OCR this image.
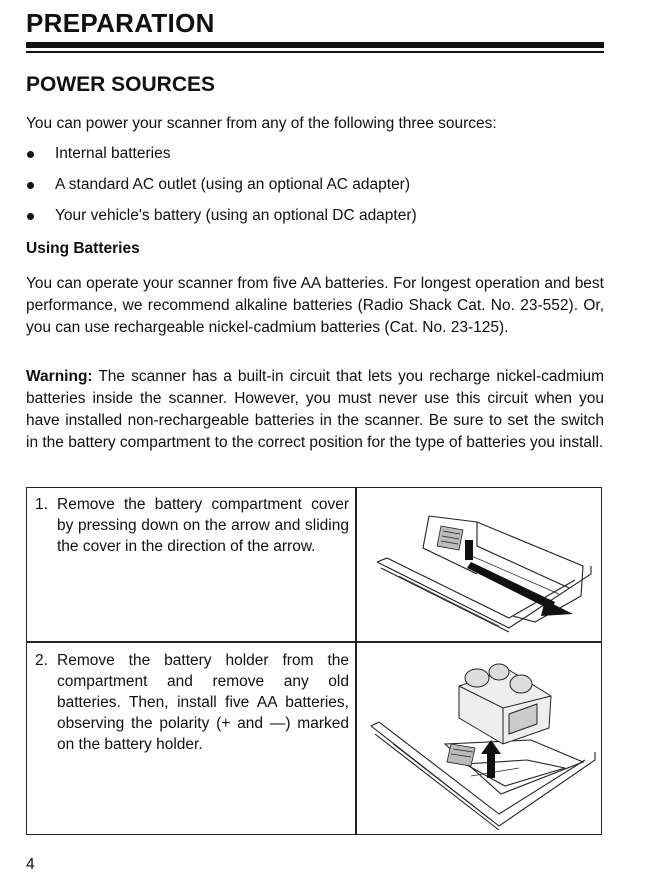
PREPARATION
POWER SOURCES

You can power your scanner from any of the following three sources:

Internal batteries
A standard AC outlet (using an optional AC adapter)
Your vehicle's battery (using an optional DC adapter)
Using Batteries

You can operate your scanner from five AA batteries. For longest operation and best performance, we recommend alkaline batteries (Radio Shack Cat. No. 23-552). Or, you can use rechargeable nickel-cadmium batteries (Cat. No. 23-125).

Warning: The scanner has a built-in circuit that lets you recharge nickel-cadmium batteries inside the scanner. However, you must never use this circuit when you have installed non-rechargeable batteries in the scanner. Be sure to set the switch in the battery compartment to the correct position for the type of batteries you install.

1. Remove the battery compartment cover by pressing down on the arrow and sliding the cover in the direction of the arrow.
2. Remove the battery holder from the compartment and remove any old batteries. Then, install five AA batteries, observing the polarity (+ and —) marked on the battery holder.

4
